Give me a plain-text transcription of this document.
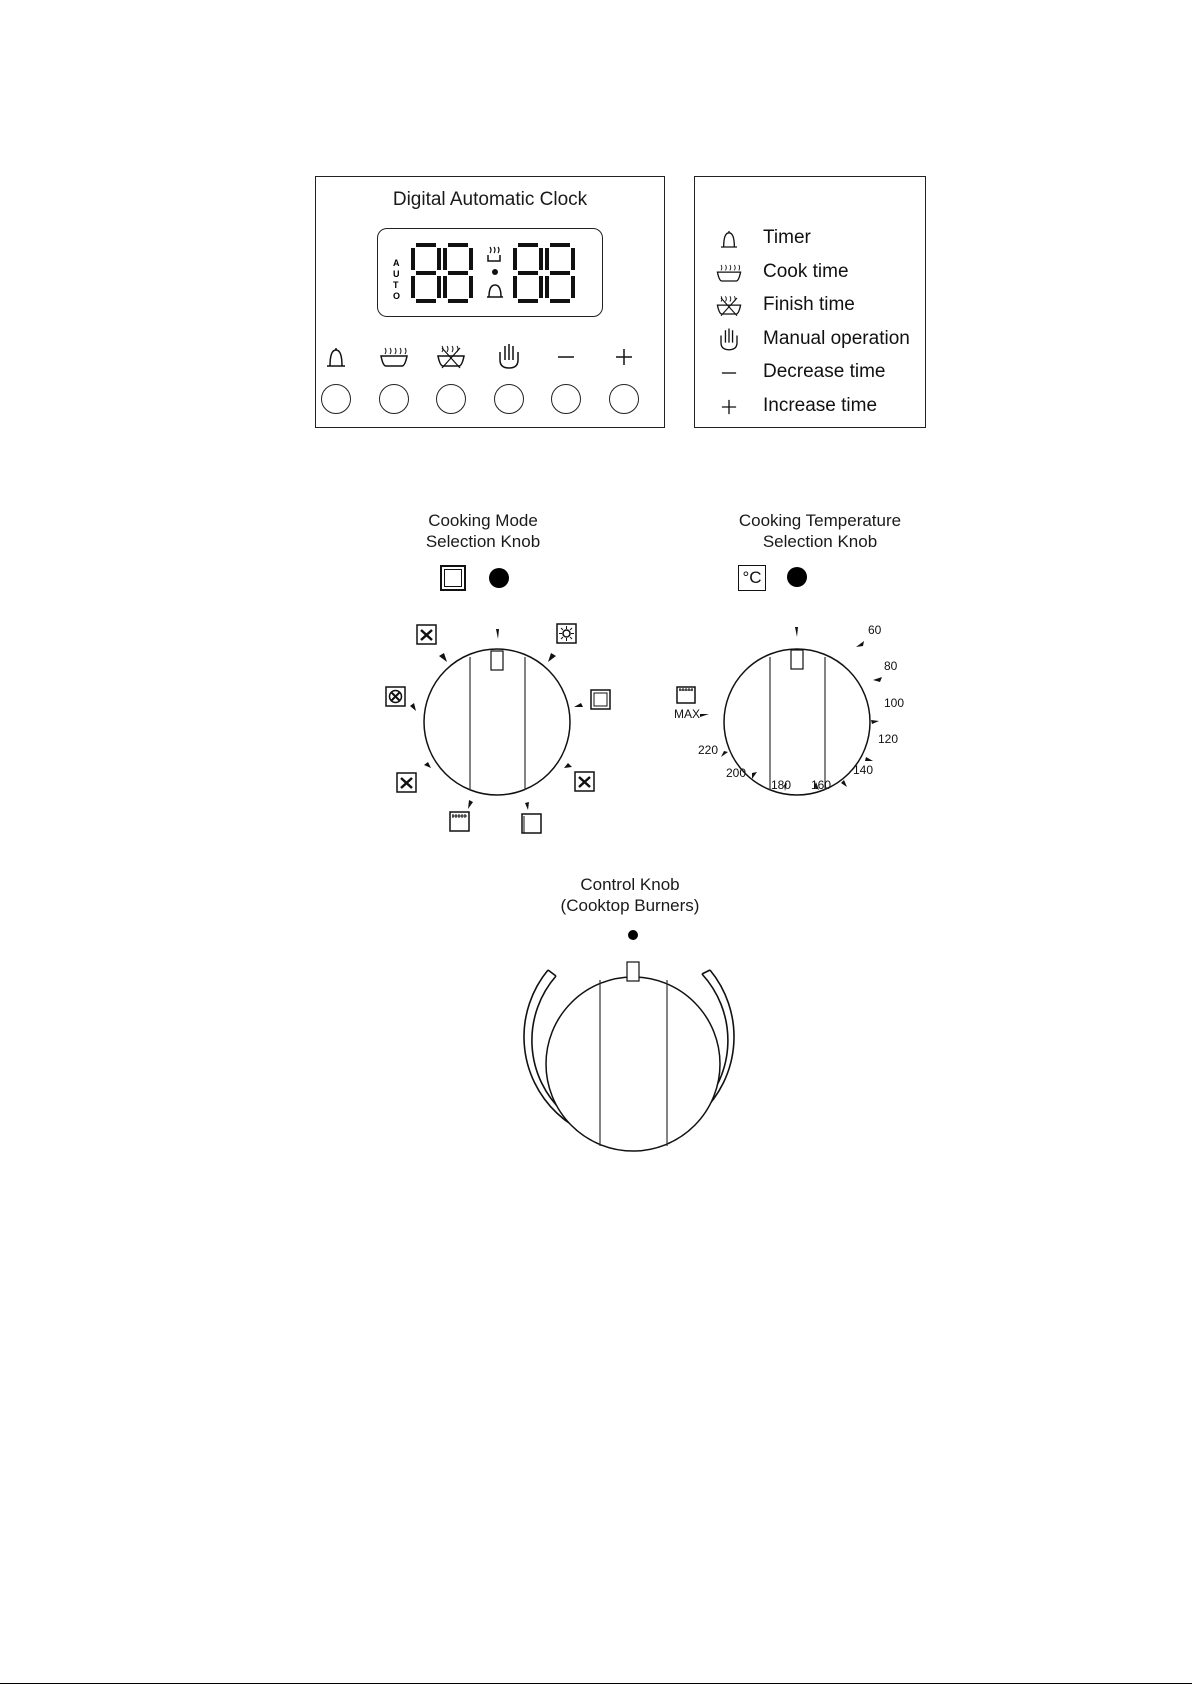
Digital Automatic Clock
A
U
T
O
Timer
Cook time
Finish time
Manual operation
Decrease time
Increase time
Cooking Mode
Selection Knob
Cooking Temperature
Selection Knob
°C
MAX
60
80
100
120
140
160
180
200
220
Control Knob
(Cooktop Burners)
